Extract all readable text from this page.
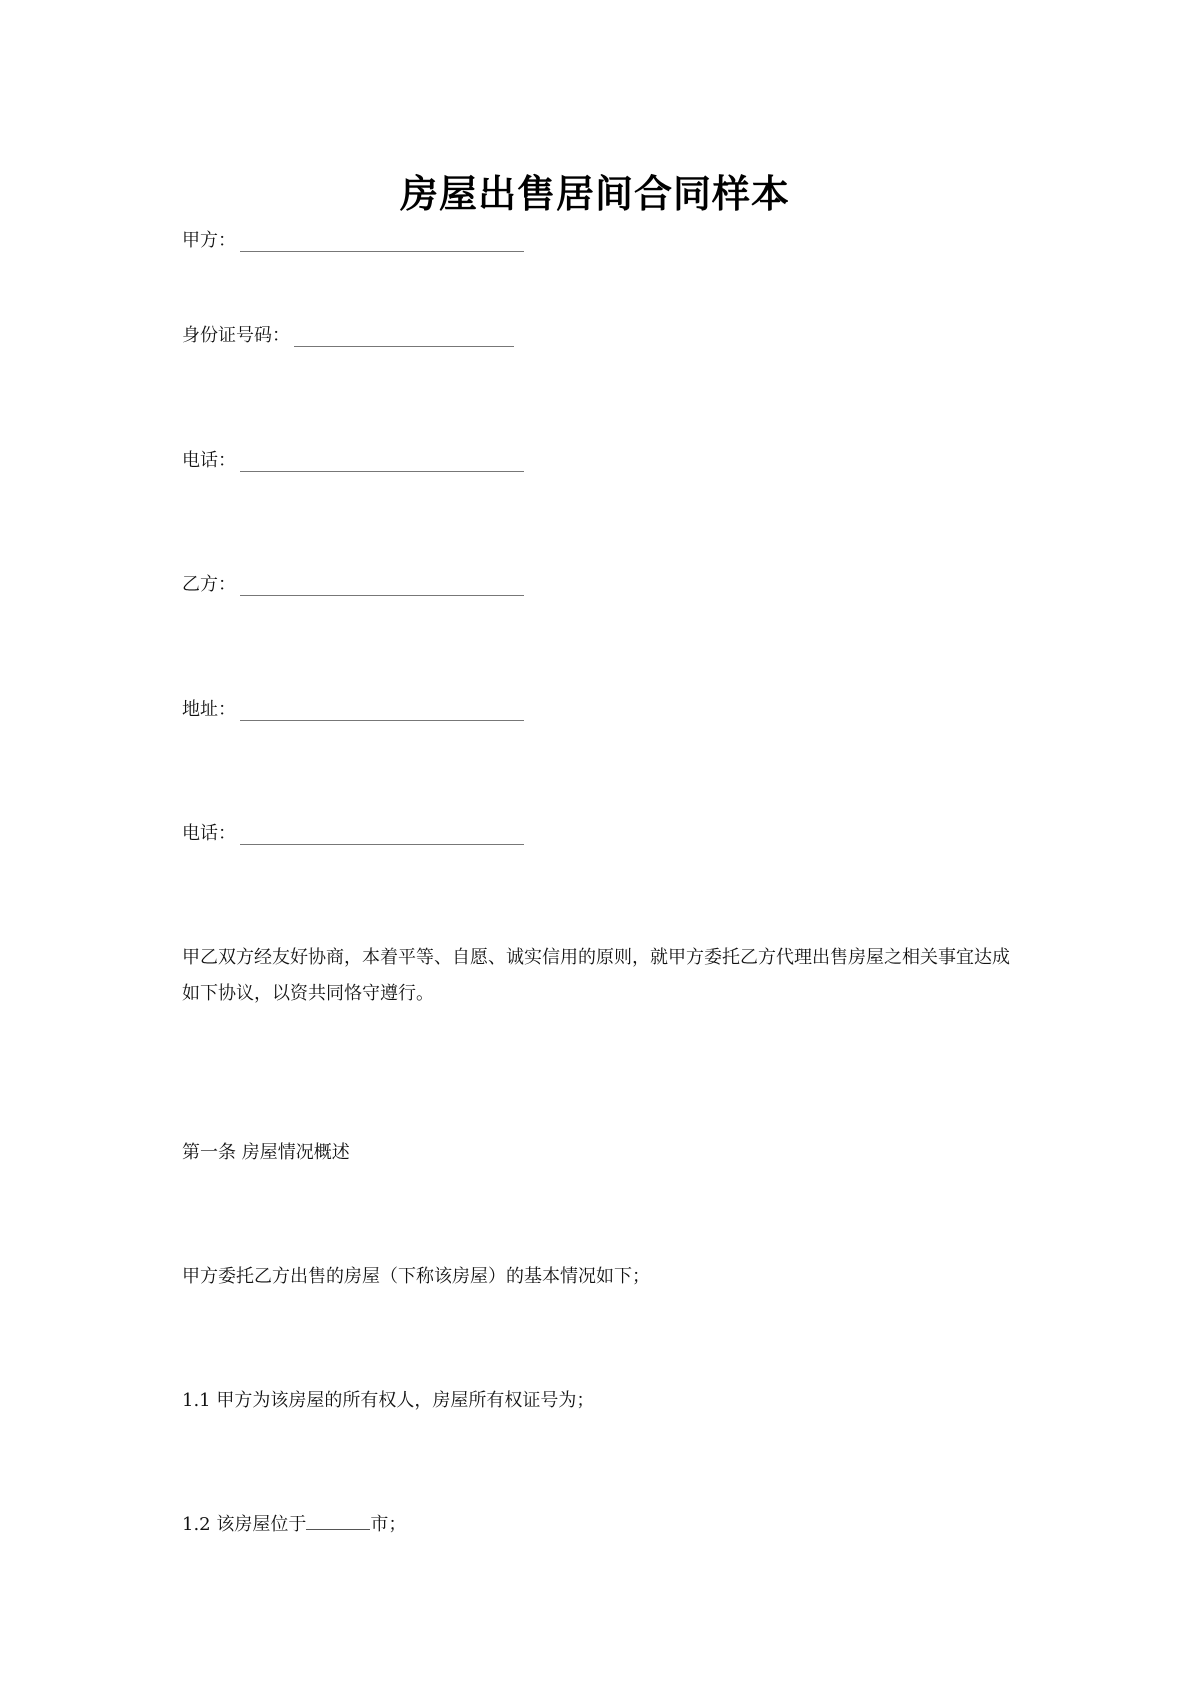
房屋出售居间合同样本
甲方：
身份证号码：
电话：
乙方：
地址：
电话：
甲乙双方经友好协商，本着平等、自愿、诚实信用的原则，就甲方委托乙方代理出售房屋之相关事宜达成如下协议，以资共同恪守遵行。
第一条 房屋情况概述
甲方委托乙方出售的房屋（下称该房屋）的基本情况如下；
1.1 甲方为该房屋的所有权人，房屋所有权证号为；
1.2 该房屋位于	市；
